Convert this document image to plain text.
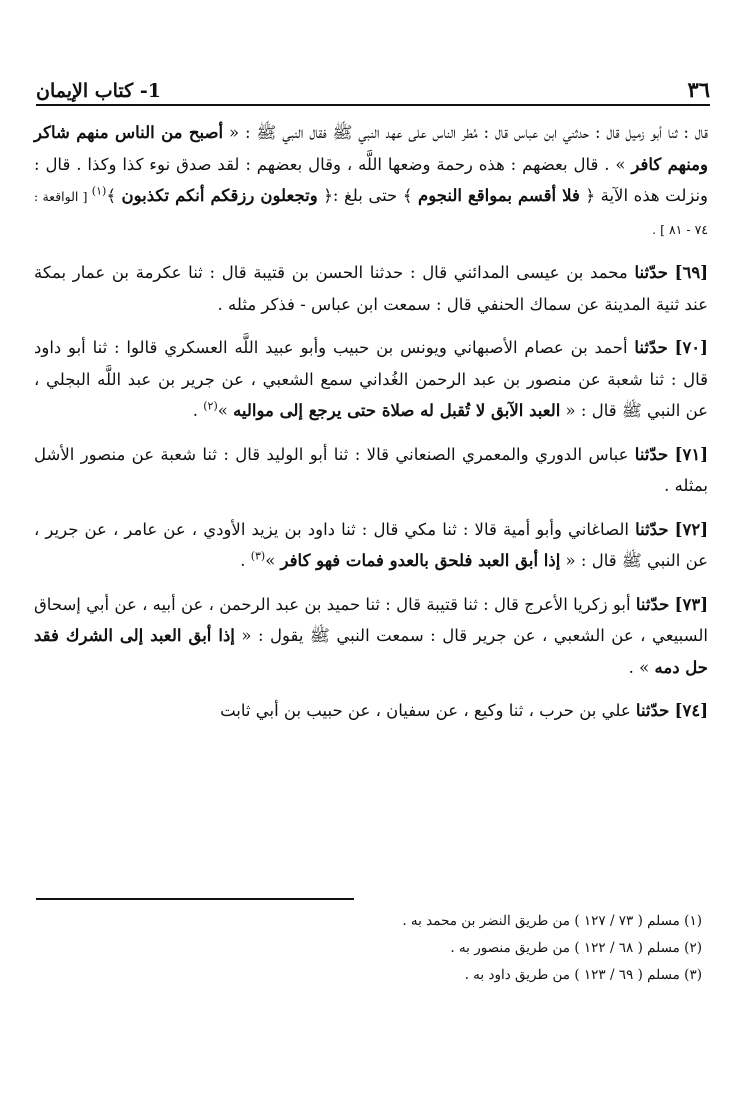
٣٦
1- كتاب الإيمان

قال : ثنا أبو زميل قال : حدثني ابن عباس قال : مُطر الناس على عهد النبي ﷺ فقال النبي ﷺ : « أصبح من الناس منهم شاكر ومنهم كافر » . قال بعضهم : هذه رحمة وضعها اللَّه ، وقال بعضهم : لقد صدق نوء كذا وكذا . قال : ونزلت هذه الآية ﴿ فلا أقسم بمواقع النجوم ﴾ حتى بلغ :﴿ وتجعلون رزقكم أنكم تكذبون ﴾$^{(١)}$ [ الواقعة : ٧٤ - ٨١ ] .

[٦٩] حدّثنا محمد بن عيسى المدائني قال : حدثنا الحسن بن قتيبة قال : ثنا عكرمة بن عمار بمكة عند ثنية المدينة عن سماك الحنفي قال : سمعت ابن عباس - فذكر مثله .

[٧٠] حدّثنا أحمد بن عصام الأصبهاني ويونس بن حبيب وأبو عبيد اللَّه العسكري قالوا : ثنا أبو داود قال : ثنا شعبة عن منصور بن عبد الرحمن الغُداني سمع الشعبي ، عن جرير بن عبد اللَّه البجلي ، عن النبي ﷺ قال : « العبد الآبق لا تُقبل له صلاة حتى يرجع إلى مواليه »$^{(٢)}$ .

[٧١] حدّثنا عباس الدوري والمعمري الصنعاني قالا : ثنا أبو الوليد قال : ثنا شعبة عن منصور الأشل بمثله .

[٧٢] حدّثنا الصاغاني وأبو أمية قالا : ثنا مكي قال : ثنا داود بن يزيد الأودي ، عن عامر ، عن جرير ، عن النبي ﷺ قال : « إذا أبق العبد فلحق بالعدو فمات فهو كافر »$^{(٣)}$ .

[٧٣] حدّثنا أبو زكريا الأعرج قال : ثنا قتيبة قال : ثنا حميد بن عبد الرحمن ، عن أبيه ، عن أبي إسحاق السبيعي ، عن الشعبي ، عن جرير قال : سمعت النبي ﷺ يقول : « إذا أبق العبد إلى الشرك فقد حل دمه » .

[٧٤] حدّثنا علي بن حرب ، ثنا وكيع ، عن سفيان ، عن حبيب بن أبي ثابت

(١) مسلم ( ٧٣ / ١٢٧ ) من طريق النضر بن محمد به .
(٢) مسلم ( ٦٨ / ١٢٢ ) من طريق منصور به .
(٣) مسلم ( ٦٩ / ١٢٣ ) من طريق داود به .
